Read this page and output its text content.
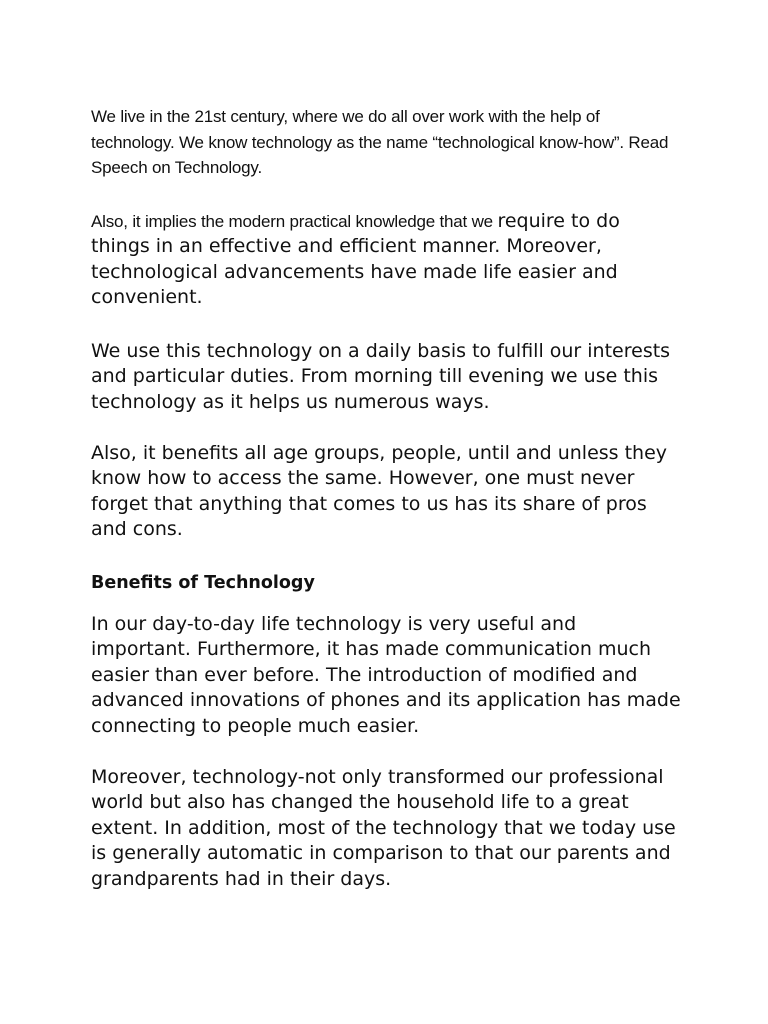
We live in the 21st century, where we do all over work with the help of technology. We know technology as the name “technological know-how”. Read Speech on Technology.

Also, it implies the modern practical knowledge that we require to do things in an effective and efficient manner. Moreover, technological advancements have made life easier and convenient.

We use this technology on a daily basis to fulfill our interests and particular duties. From morning till evening we use this technology as it helps us numerous ways.

Also, it benefits all age groups, people, until and unless they know how to access the same. However, one must never forget that anything that comes to us has its share of pros and cons.

Benefits of Technology

In our day-to-day life technology is very useful and important. Furthermore, it has made communication much easier than ever before. The introduction of modified and advanced innovations of phones and its application has made connecting to people much easier.

Moreover, technology-not only transformed our professional world but also has changed the household life to a great extent. In addition, most of the technology that we today use is generally automatic in comparison to that our parents and grandparents had in their days.
